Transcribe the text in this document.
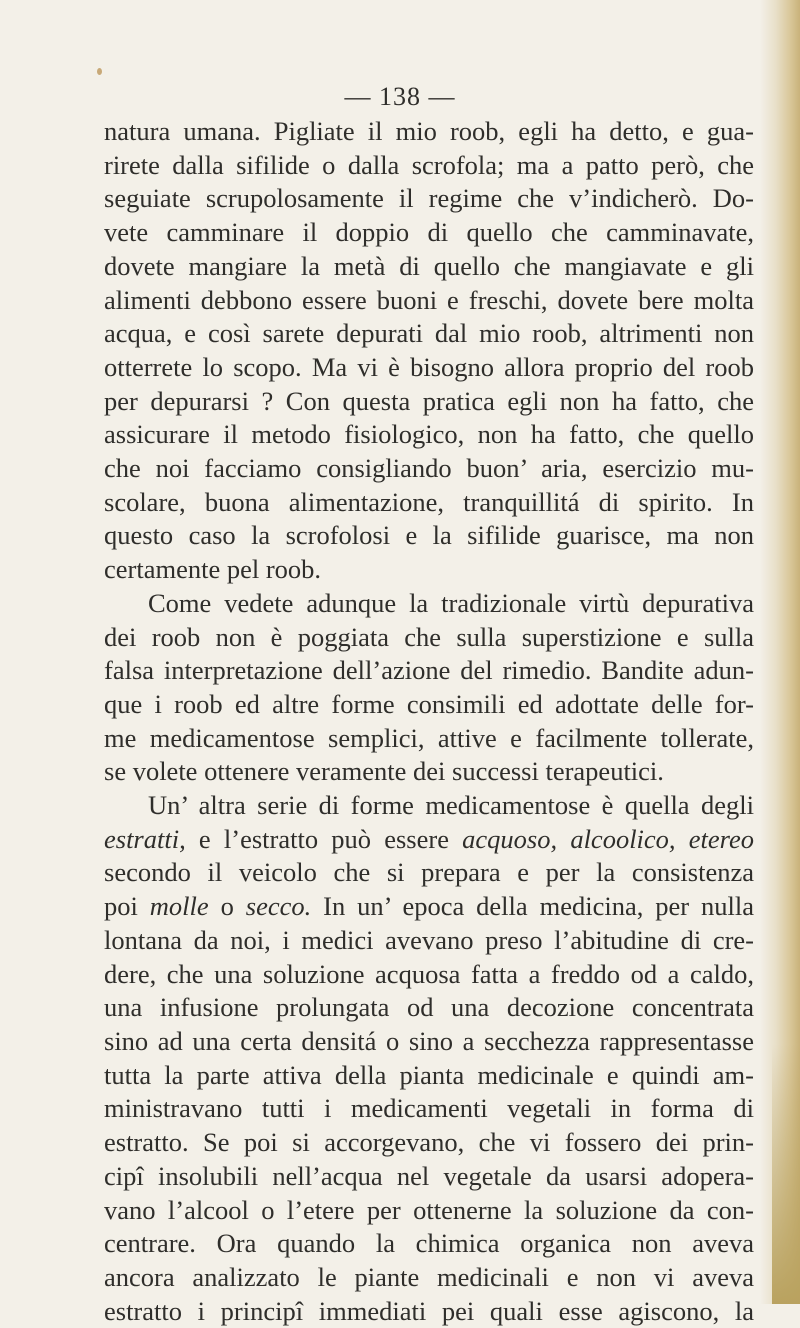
— 138 —
natura umana. Pigliate il mio roob, egli ha detto, e gua-
rirete dalla sifilide o dalla scrofola; ma a patto però, che
seguiate scrupolosamente il regime che v’indicherò. Do-
vete camminare il doppio di quello che camminavate,
dovete mangiare la metà di quello che mangiavate e gli
alimenti debbono essere buoni e freschi, dovete bere molta
acqua, e così sarete depurati dal mio roob, altrimenti non
otterrete lo scopo. Ma vi è bisogno allora proprio del roob
per depurarsi ? Con questa pratica egli non ha fatto, che
assicurare il metodo fisiologico, non ha fatto, che quello
che noi facciamo consigliando buon’ aria, esercizio mu-
scolare, buona alimentazione, tranquillitá di spirito. In
questo caso la scrofolosi e la sifilide guarisce, ma non
certamente pel roob.
Come vedete adunque la tradizionale virtù depurativa
dei roob non è poggiata che sulla superstizione e sulla
falsa interpretazione dell’azione del rimedio. Bandite adun-
que i roob ed altre forme consimili ed adottate delle for-
me medicamentose semplici, attive e facilmente tollerate,
se volete ottenere veramente dei successi terapeutici.
Un’ altra serie di forme medicamentose è quella degli
estratti, e l’estratto può essere acquoso, alcoolico, etereo
secondo il veicolo che si prepara e per la consistenza
poi molle o secco. In un’ epoca della medicina, per nulla
lontana da noi, i medici avevano preso l’abitudine di cre-
dere, che una soluzione acquosa fatta a freddo od a caldo,
una infusione prolungata od una decozione concentrata
sino ad una certa densitá o sino a secchezza rappresentasse
tutta la parte attiva della pianta medicinale e quindi am-
ministravano tutti i medicamenti vegetali in forma di
estratto. Se poi si accorgevano, che vi fossero dei prin-
cipî insolubili nell’acqua nel vegetale da usarsi adopera-
vano l’alcool o l’etere per ottenerne la soluzione da con-
centrare. Ora quando la chimica organica non aveva
ancora analizzato le piante medicinali e non vi aveva
estratto i principî immediati pei quali esse agiscono, la
